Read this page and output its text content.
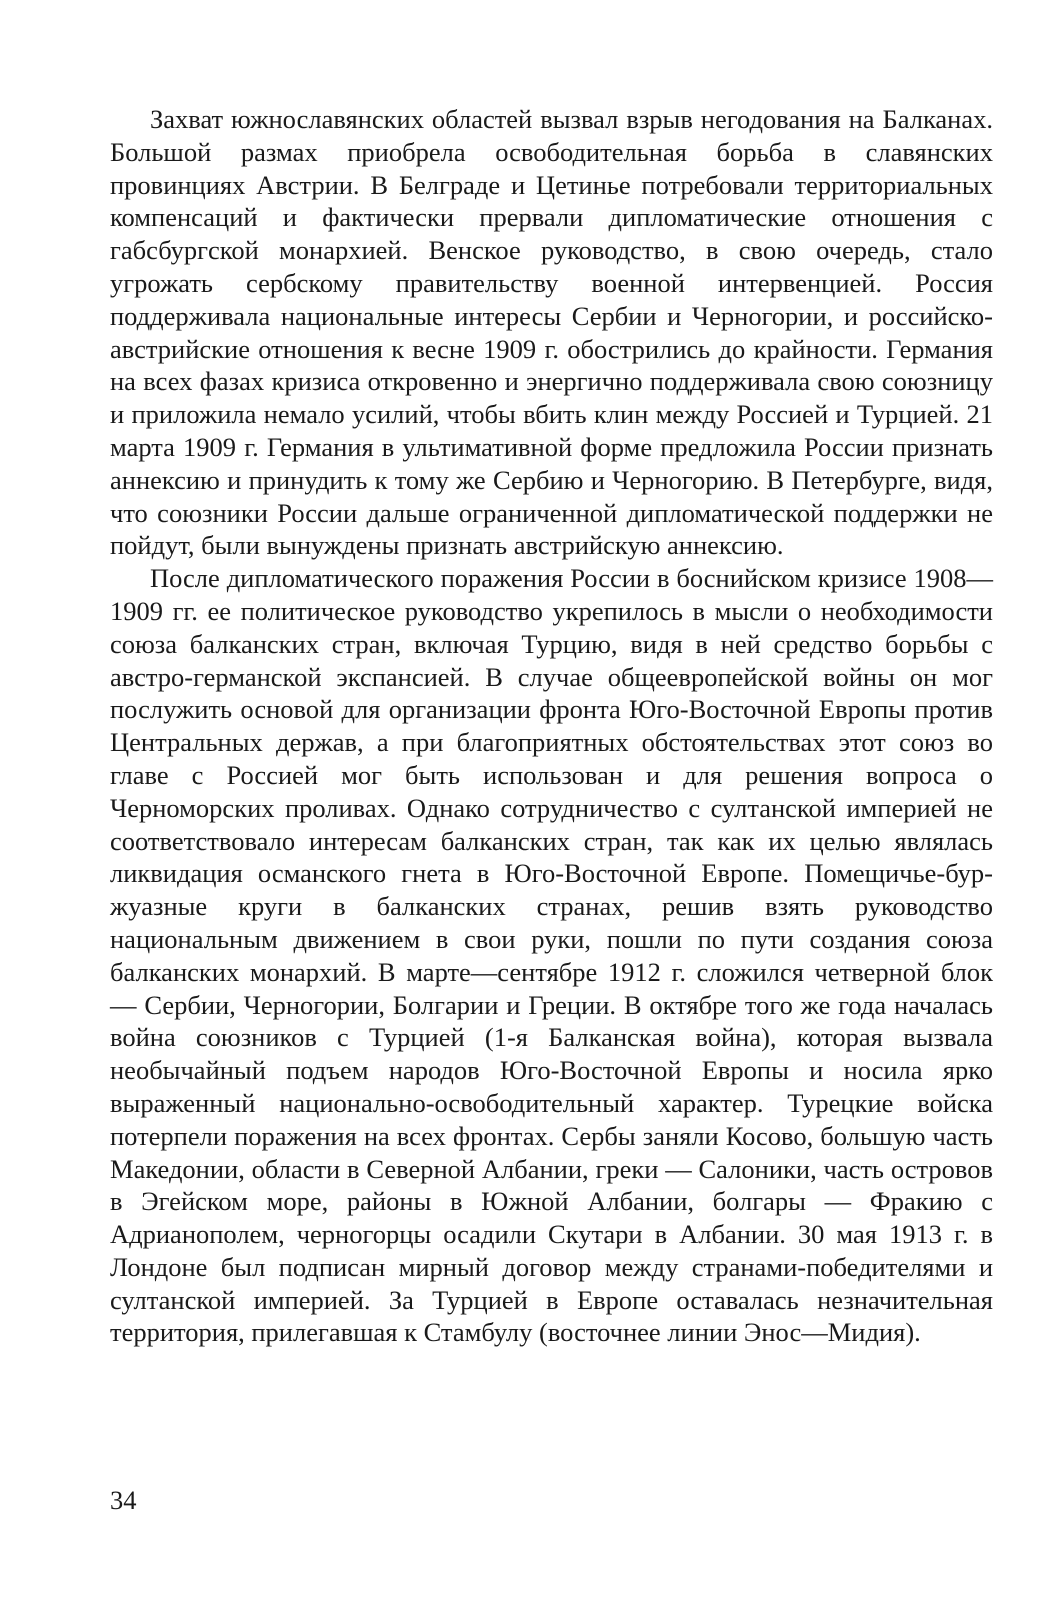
Захват южнославянских областей вызвал взрыв негодования на Балканах. Большой размах приобрела освободительная борьба в славянских провинциях Австрии. В Белграде и Цетинье потребовали территориальных компенсаций и фактически прервали дипломатические отношения с габсбургской монархией. Венское руководство, в свою очередь, стало угрожать сербскому правительству военной интервенцией. Россия поддерживала национальные интересы Сербии и Черногории, и российско-австрийские отношения к весне 1909 г. обострились до крайности. Германия на всех фазах кризиса откровенно и энергично поддерживала свою союзницу и приложила немало усилий, чтобы вбить клин между Россией и Турцией. 21 марта 1909 г. Германия в ультимативной форме предложила России признать аннексию и принудить к тому же Сербию и Черногорию. В Петербурге, видя, что союзники России дальше ограниченной дипломатической поддержки не пойдут, были вынуждены признать австрийскую аннексию.

После дипломатического поражения России в боснийском кризисе 1908—1909 гг. ее политическое руководство укрепилось в мысли о необходимости союза балканских стран, включая Турцию, видя в ней средство борьбы с австро-германской экспансией. В случае общеевропейской войны он мог послужить основой для организации фронта Юго-Восточной Европы против Центральных держав, а при благоприятных обстоятельствах этот союз во главе с Россией мог быть использован и для решения вопроса о Черноморских проливах. Однако сотрудничество с султанской империей не соответствовало интересам балканских стран, так как их целью являлась ликвидация османского гнета в Юго-Восточной Европе. Помещичье-бур-жуазные круги в балканских странах, решив взять руководство национальным движением в свои руки, пошли по пути создания союза балканских монархий. В марте—сентябре 1912 г. сложился четверной блок — Сербии, Черногории, Болгарии и Греции. В октябре того же года началась война союзников с Турцией (1-я Балканская война), которая вызвала необычайный подъем народов Юго-Восточной Европы и носила ярко выраженный национально-освободительный характер. Турецкие войска потерпели поражения на всех фронтах. Сербы заняли Косово, большую часть Македонии, области в Северной Албании, греки — Салоники, часть островов в Эгейском море, районы в Южной Албании, болгары — Фракию с Адрианополем, черногорцы осадили Скутари в Албании. 30 мая 1913 г. в Лондоне был подписан мирный договор между странами-победителями и султанской империей. За Турцией в Европе оставалась незначительная территория, прилегавшая к Стамбулу (восточнее линии Энос—Мидия).

34
